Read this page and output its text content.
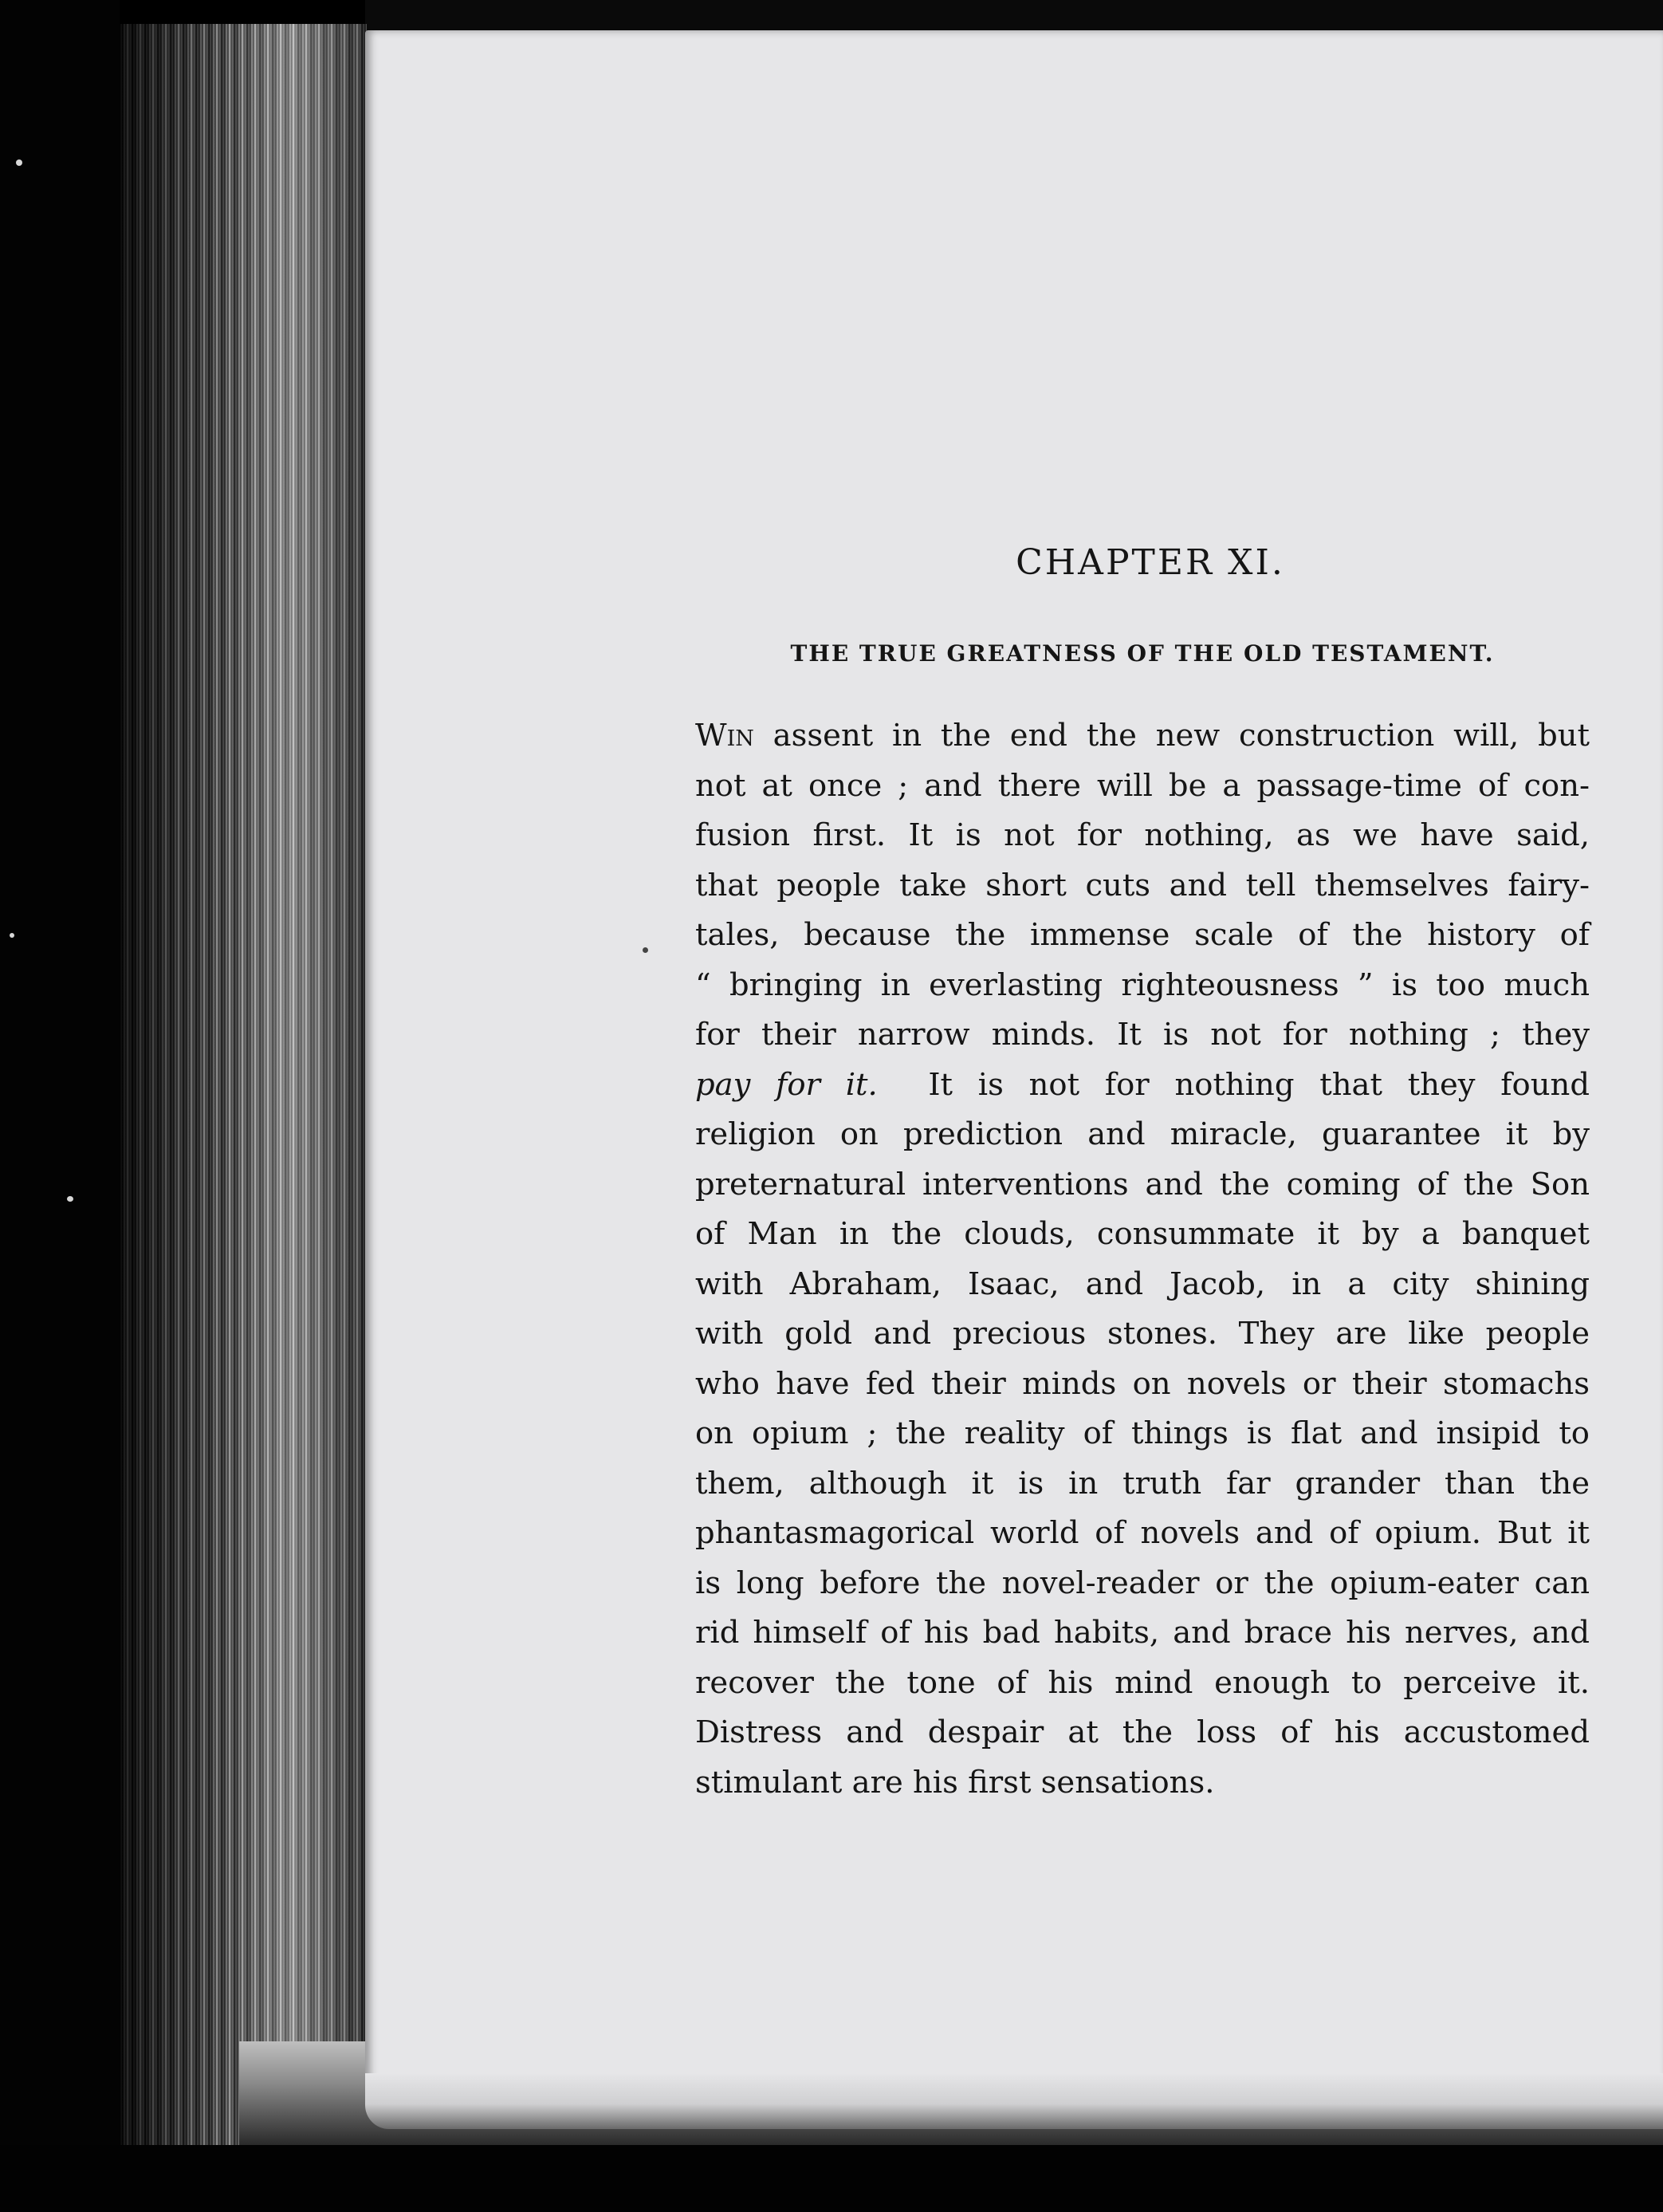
CHAPTER XI.
THE TRUE GREATNESS OF THE OLD TESTAMENT.
Win assent in the end the new construction will, but
not at once ; and there will be a passage-time of con-
fusion first. It is not for nothing, as we have said,
that people take short cuts and tell themselves fairy-
tales, because the immense scale of the history of
“ bringing in everlasting righteousness ” is too much
for their narrow minds. It is not for nothing ; they
pay for it. It is not for nothing that they found
religion on prediction and miracle, guarantee it by
preternatural interventions and the coming of the Son
of Man in the clouds, consummate it by a banquet
with Abraham, Isaac, and Jacob, in a city shining
with gold and precious stones. They are like people
who have fed their minds on novels or their stomachs
on opium ; the reality of things is flat and insipid to
them, although it is in truth far grander than the
phantasmagorical world of novels and of opium. But it
is long before the novel-reader or the opium-eater can
rid himself of his bad habits, and brace his nerves, and
recover the tone of his mind enough to perceive it.
Distress and despair at the loss of his accustomed
stimulant are his first sensations.
